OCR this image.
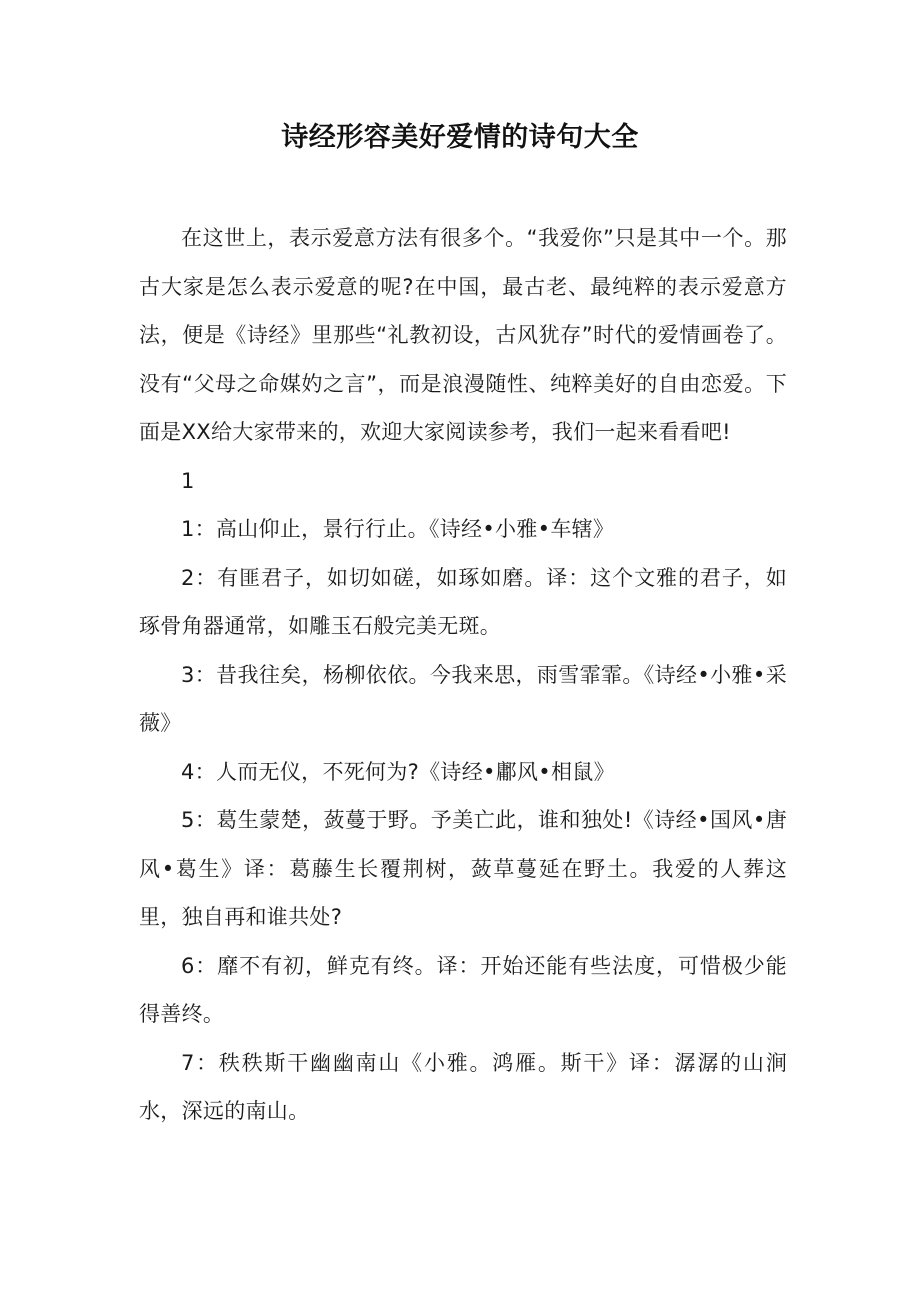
诗经形容美好爱情的诗句大全

在这世上，表示爱意方法有很多个。“我爱你”只是其中一个。那古大家是怎么表示爱意的呢?在中国，最古老、最纯粹的表示爱意方法，便是《诗经》里那些“礼教初设，古风犹存”时代的爱情画卷了。没有“父母之命媒妁之言”，而是浪漫随性、纯粹美好的自由恋爱。下面是XX给大家带来的，欢迎大家阅读参考，我们一起来看看吧!

1

1：高山仰止，景行行止。《诗经•小雅•车辖》

2：有匪君子，如切如磋，如琢如磨。译：这个文雅的君子，如琢骨角器通常，如雕玉石般完美无斑。

3：昔我往矣，杨柳依依。今我来思，雨雪霏霏。《诗经•小雅•采薇》

4：人而无仪，不死何为?《诗经•鄘风•相鼠》

5：葛生蒙楚，蔹蔓于野。予美亡此，谁和独处!《诗经•国风•唐风•葛生》译：葛藤生长覆荆树，蔹草蔓延在野土。我爱的人葬这里，独自再和谁共处?

6：靡不有初，鲜克有终。译：开始还能有些法度，可惜极少能得善终。

7：秩秩斯干幽幽南山《小雅。鸿雁。斯干》译：潺潺的山涧水，深远的南山。
